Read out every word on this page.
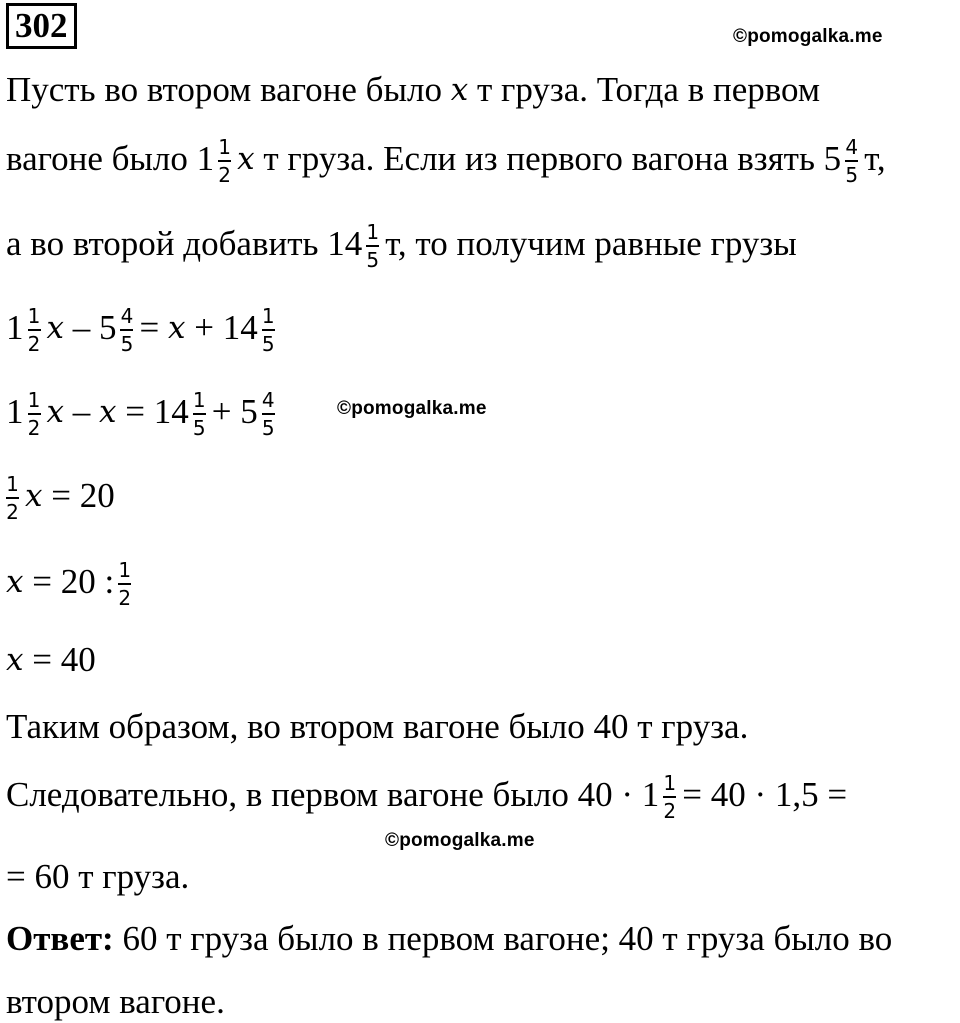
302	©pomogalka.me
Пусть во втором вагоне было x т груза. Тогда в первом
вагоне было $1 \frac{1}{2}$ x т груза. Если из первого вагона взять $5 \frac{4}{5} т$,
а во второй добавить $14 \frac{1}{5} т$, то получим равные грузы
$1 \frac{1}{2}$ $x - 5 \frac{4}{5} = x + 14 \frac{1}{5}$
$1 \frac{1}{2}$ $x - x = 14 \frac{1}{5} + 5 \frac{4}{5}$	©pomogalka.me
$\frac{1}{2}$ x = 20
x = 20 : $\frac{1}{2}$
x = 40
Таким образом, во втором вагоне было 40 т груза.
Следовательно, в первом вагоне было $40 \cdot 1 \frac{1}{2} = 40 \cdot 1,5$ =
©pomogalka.me
= 60 т груза.
Ответ: 60 т груза было в первом вагоне; 40 т груза было во
втором вагоне.
